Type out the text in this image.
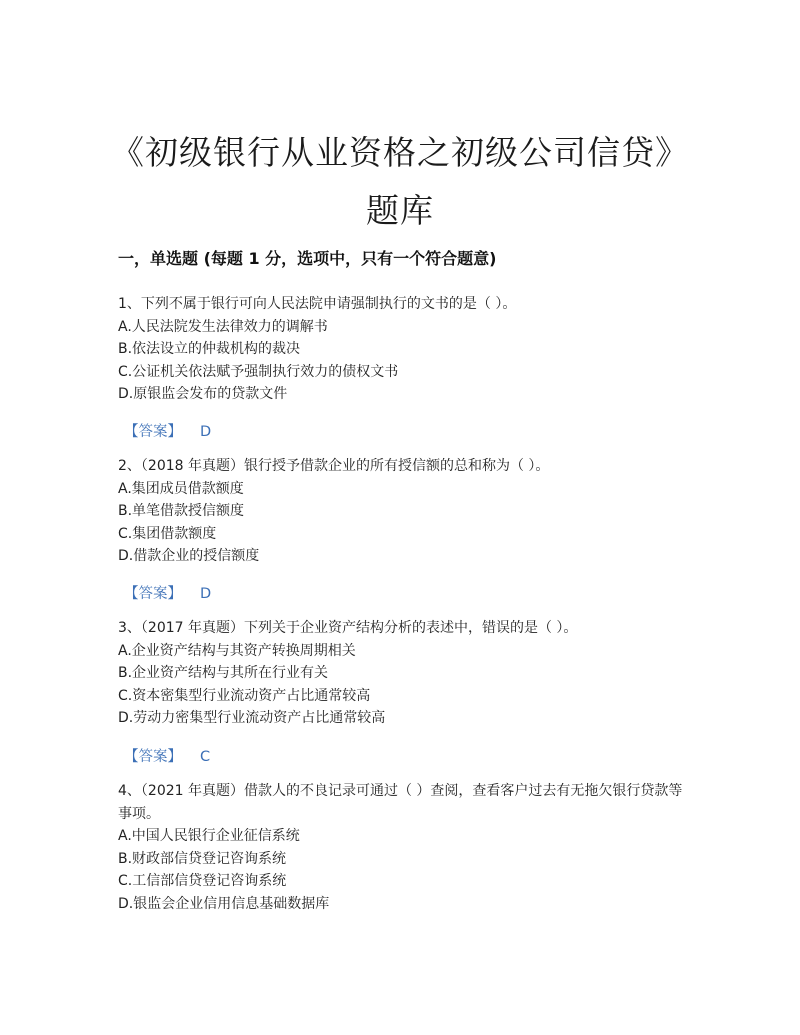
《初级银行从业资格之初级公司信贷》题库
一，单选题 (每题 1 分，选项中，只有一个符合题意)

1、下列不属于银行可向人民法院申请强制执行的文书的是（ ）。

A.人民法院发生法律效力的调解书

B.依法设立的仲裁机构的裁决

C.公证机关依法赋予强制执行效力的债权文书

D.原银监会发布的贷款文件

【答案】 D

2、（2018 年真题）银行授予借款企业的所有授信额的总和称为（ ）。

A.集团成员借款额度

B.单笔借款授信额度

C.集团借款额度

D.借款企业的授信额度

【答案】 D

3、（2017 年真题）下列关于企业资产结构分析的表述中，错误的是（ ）。

A.企业资产结构与其资产转换周期相关

B.企业资产结构与其所在行业有关

C.资本密集型行业流动资产占比通常较高

D.劳动力密集型行业流动资产占比通常较高

【答案】 C

4、（2021 年真题）借款人的不良记录可通过（ ）查阅，查看客户过去有无拖欠银行贷款等事项。

A.中国人民银行企业征信系统

B.财政部信贷登记咨询系统

C.工信部信贷登记咨询系统

D.银监会企业信用信息基础数据库
